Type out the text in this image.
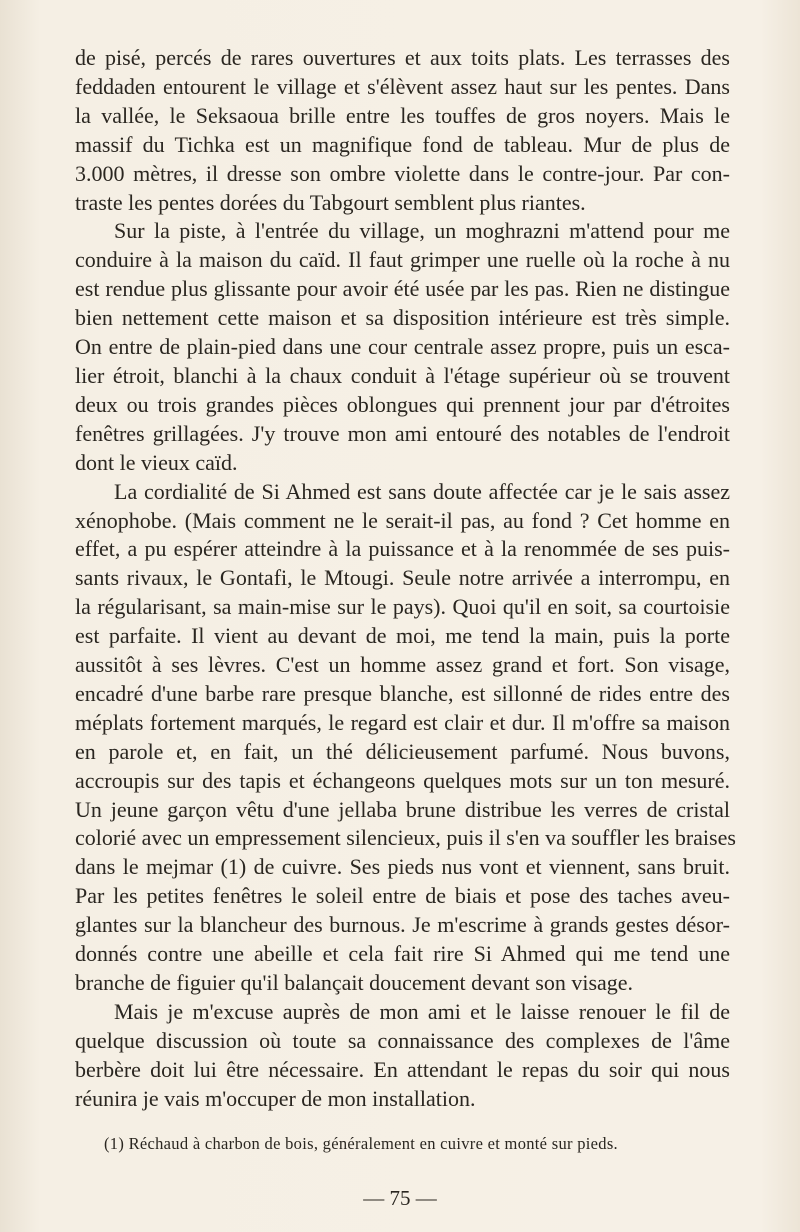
de pisé, percés de rares ouvertures et aux toits plats. Les terrasses des
feddaden entourent le village et s'élèvent assez haut sur les pentes. Dans
la vallée, le Seksaoua brille entre les touffes de gros noyers. Mais le
massif du Tichka est un magnifique fond de tableau. Mur de plus de
3.000 mètres, il dresse son ombre violette dans le contre-jour. Par con-
traste les pentes dorées du Tabgourt semblent plus riantes.
Sur la piste, à l'entrée du village, un moghrazni m'attend pour me
conduire à la maison du caïd. Il faut grimper une ruelle où la roche à nu
est rendue plus glissante pour avoir été usée par les pas. Rien ne distingue
bien nettement cette maison et sa disposition intérieure est très simple.
On entre de plain-pied dans une cour centrale assez propre, puis un esca-
lier étroit, blanchi à la chaux conduit à l'étage supérieur où se trouvent
deux ou trois grandes pièces oblongues qui prennent jour par d'étroites
fenêtres grillagées. J'y trouve mon ami entouré des notables de l'endroit
dont le vieux caïd.
La cordialité de Si Ahmed est sans doute affectée car je le sais assez
xénophobe. (Mais comment ne le serait-il pas, au fond ? Cet homme en
effet, a pu espérer atteindre à la puissance et à la renommée de ses puis-
sants rivaux, le Gontafi, le Mtougi. Seule notre arrivée a interrompu, en
la régularisant, sa main-mise sur le pays). Quoi qu'il en soit, sa courtoisie
est parfaite. Il vient au devant de moi, me tend la main, puis la porte
aussitôt à ses lèvres. C'est un homme assez grand et fort. Son visage,
encadré d'une barbe rare presque blanche, est sillonné de rides entre des
méplats fortement marqués, le regard est clair et dur. Il m'offre sa maison
en parole et, en fait, un thé délicieusement parfumé. Nous buvons,
accroupis sur des tapis et échangeons quelques mots sur un ton mesuré.
Un jeune garçon vêtu d'une jellaba brune distribue les verres de cristal
colorié avec un empressement silencieux, puis il s'en va souffler les braises
dans le mejmar (1) de cuivre. Ses pieds nus vont et viennent, sans bruit.
Par les petites fenêtres le soleil entre de biais et pose des taches aveu-
glantes sur la blancheur des burnous. Je m'escrime à grands gestes désor-
donnés contre une abeille et cela fait rire Si Ahmed qui me tend une
branche de figuier qu'il balançait doucement devant son visage.
Mais je m'excuse auprès de mon ami et le laisse renouer le fil de
quelque discussion où toute sa connaissance des complexes de l'âme
berbère doit lui être nécessaire. En attendant le repas du soir qui nous
réunira je vais m'occuper de mon installation.
(1) Réchaud à charbon de bois, généralement en cuivre et monté sur pieds.
— 75 —
